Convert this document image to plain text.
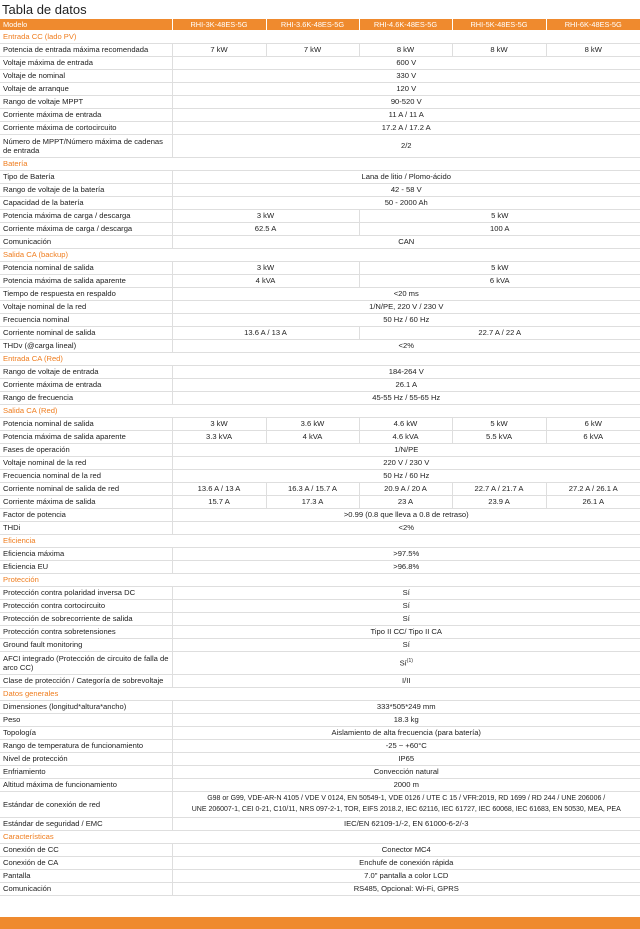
Tabla de datos
Modelo	RHI-3K-48ES-5G	RHI-3.6K-48ES-5G	RHI-4.6K-48ES-5G	RHI-5K-48ES-5G	RHI-6K-48ES-5G
Entrada CC (lado PV)					
Potencia de entrada máxima recomendada	7 kW	7 kW	8 kW	8 kW	8 kW
Voltaje máxima de entrada	600 V				
Voltaje de nominal	330 V				
Voltaje de arranque	120 V				
Rango de voltaje MPPT	90-520 V				
Corriente máxima de entrada	11 A / 11 A				
Corriente máxima de cortocircuito	17.2 A / 17.2 A				
Número de MPPT/Número máxima de cadenas de entrada	2/2				
Batería					
Tipo de Batería	Lana de litio / Plomo-ácido				
Rango de voltaje de la batería	42 - 58 V				
Capacidad de la batería	50 - 2000 Ah				
Potencia máxima de carga / descarga	3 kW		5 kW		
Corriente máxima de carga / descarga	62.5 A		100 A		
Comunicación	CAN				
Salida CA (backup)					
Potencia nominal de salida	3 kW		5 kW		
Potencia máxima de salida aparente	4 kVA		6 kVA		
Tiempo de respuesta en respaldo	<20 ms				
Voltaje nominal de la red	1/N/PE, 220 V / 230 V				
Frecuencia nominal	50 Hz / 60 Hz				
Corriente nominal de salida	13.6 A / 13 A		22.7 A / 22 A		
THDv (@carga lineal)	<2%				
Entrada CA (Red)					
Rango de voltaje de entrada	184-264 V				
Corriente máxima de entrada	26.1 A				
Rango de frecuencia	45-55 Hz / 55-65 Hz				
Salida CA (Red)					
Potencia nominal de salida	3 kW	3.6 kW	4.6 kW	5 kW	6 kW
Potencia máxima de salida aparente	3.3 kVA	4 kVA	4.6 kVA	5.5 kVA	6 kVA
Fases de operación	1/N/PE				
Voltaje nominal de la red	220 V / 230 V				
Frecuencia nominal de la red	50 Hz / 60 Hz				
Corriente nominal de salida de red	13.6 A / 13 A	16.3 A / 15.7 A	20.9 A / 20 A	22.7 A / 21.7 A	27.2 A / 26.1 A
Corriente máxima de salida	15.7 A	17.3 A	23 A	23.9 A	26.1 A
Factor de potencia	>0.99 (0.8 que lleva a 0.8 de retraso)				
THDi	<2%				
Eficiencia					
Eficiencia máxima	>97.5%				
Eficiencia EU	>96.8%				
Protección					
Protección contra polaridad inversa DC	Sí				
Protección contra cortocircuito	Sí				
Protección de sobrecorriente de salida	Sí				
Protección contra sobretensiones	Tipo II CC/ Tipo II CA				
Ground fault monitoring	Sí				
AFCI integrado (Protección de circuito de falla de arco CC)	$Sí^{(1)}$
Clase de protección / Categoría de sobrevoltaje	I/II				
Datos generales					
Dimensiones (longitud*altura*ancho)	333*505*249 mm				
Peso	18.3 kg				
Topología	Aislamiento de alta frecuencia (para batería)				
Rango de temperatura de funcionamiento	-25 ~ +60°C				
Nivel de protección	IP65				
Enfriamiento	Convección natural				
Altitud máxima de funcionamiento	2000 m				
Estándar de conexión de red	G98 or G99, VDE-AR-N 4105 / VDE V 0124, EN 50549-1, VDE 0126 / UTE C 15 / VFR:2019, RD 1699 / RD 244 / UNE 206006 /
UNE 206007-1, CEI 0-21, C10/11, NRS 097-2-1, TOR, EIFS 2018.2, IEC 62116, IEC 61727, IEC 60068, IEC 61683, EN 50530, MEA, PEA				

Estándar de seguridad / EMC	IEC/EN 62109-1/-2, EN 61000-6-2/-3				
Características					
Conexión de CC	Conector MC4				
Conexión de CA	Enchufe de conexión rápida				
Pantalla	7.0" pantalla a color LCD				
Comunicación	RS485, Opcional: Wi-Fi, GPRS				
